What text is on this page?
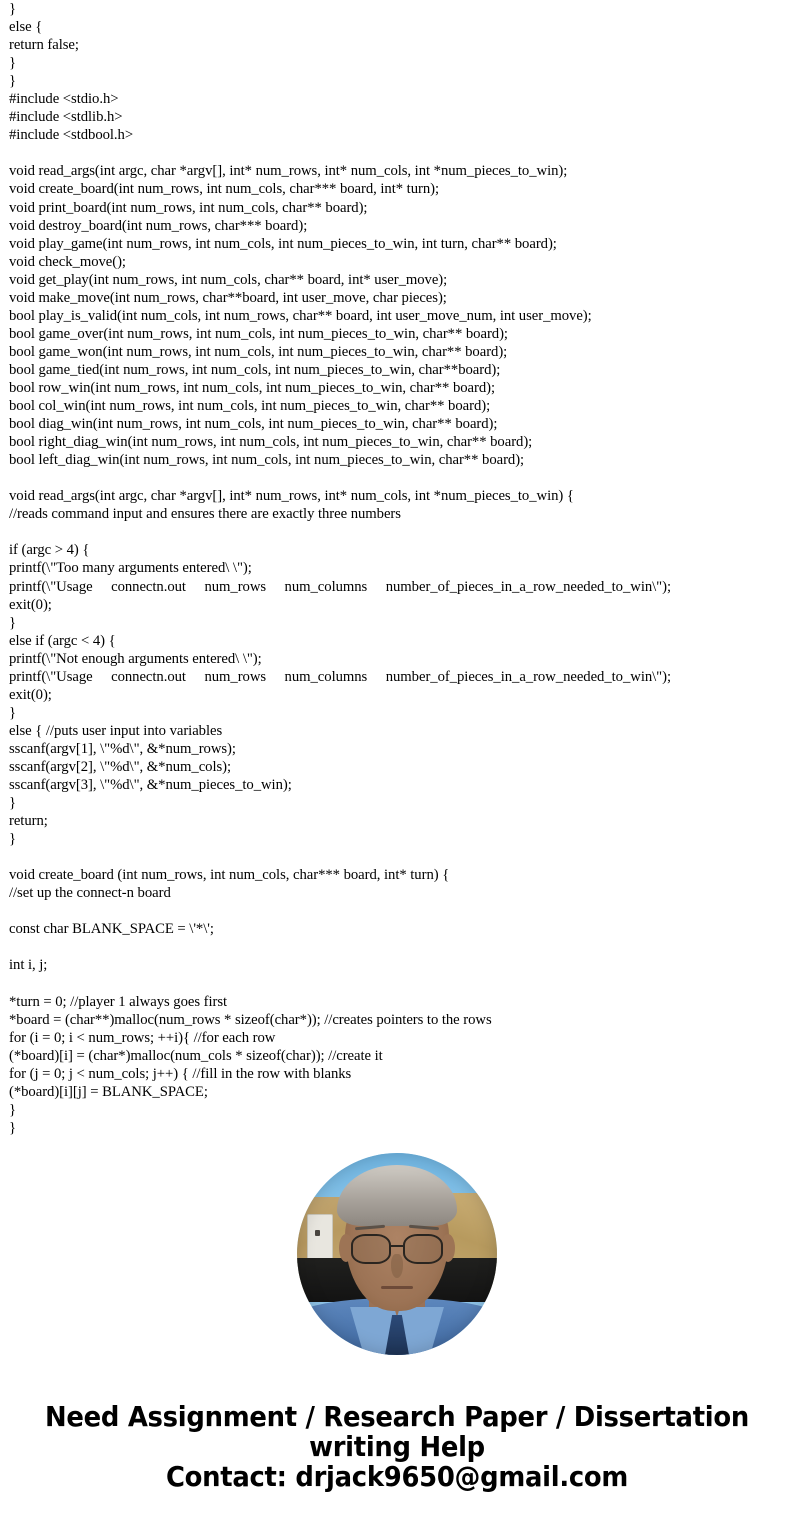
}
else {
return false;
}
}
#include <stdio.h>
#include <stdlib.h>
#include <stdbool.h>
void read_args(int argc, char *argv[], int* num_rows, int* num_cols, int *num_pieces_to_win);
void create_board(int num_rows, int num_cols, char*** board, int* turn);
void print_board(int num_rows, int num_cols, char** board);
void destroy_board(int num_rows, char*** board);
void play_game(int num_rows, int num_cols, int num_pieces_to_win, int turn, char** board);
void check_move();
void get_play(int num_rows, int num_cols, char** board, int* user_move);
void make_move(int num_rows, char**board, int user_move, char pieces);
bool play_is_valid(int num_cols, int num_rows, char** board, int user_move_num, int user_move);
bool game_over(int num_rows, int num_cols, int num_pieces_to_win, char** board);
bool game_won(int num_rows, int num_cols, int num_pieces_to_win, char** board);
bool game_tied(int num_rows, int num_cols, int num_pieces_to_win, char**board);
bool row_win(int num_rows, int num_cols, int num_pieces_to_win, char** board);
bool col_win(int num_rows, int num_cols, int num_pieces_to_win, char** board);
bool diag_win(int num_rows, int num_cols, int num_pieces_to_win, char** board);
bool right_diag_win(int num_rows, int num_cols, int num_pieces_to_win, char** board);
bool left_diag_win(int num_rows, int num_cols, int num_pieces_to_win, char** board);
void read_args(int argc, char *argv[], int* num_rows, int* num_cols, int *num_pieces_to_win) {
//reads command input and ensures there are exactly three numbers
if (argc > 4) {
printf(\"Too many arguments entered\ \");
printf(\"Usage connectn.out num_rows num_columns number_of_pieces_in_a_row_needed_to_win\");
exit(0);
}
else if (argc < 4) {
printf(\"Not enough arguments entered\ \");
printf(\"Usage connectn.out num_rows num_columns number_of_pieces_in_a_row_needed_to_win\");
exit(0);
}
else { //puts user input into variables
sscanf(argv[1], \"%d\", &*num_rows);
sscanf(argv[2], \"%d\", &*num_cols);
sscanf(argv[3], \"%d\", &*num_pieces_to_win);
}
return;
}
void create_board (int num_rows, int num_cols, char*** board, int* turn) {
//set up the connect-n board
const char BLANK_SPACE = \'*\';
int i, j;
*turn = 0; //player 1 always goes first
*board = (char**)malloc(num_rows * sizeof(char*)); //creates pointers to the rows
for (i = 0; i < num_rows; ++i){ //for each row
(*board)[i] = (char*)malloc(num_cols * sizeof(char)); //create it
for (j = 0; j < num_cols; j++) { //fill in the row with blanks
(*board)[i][j] = BLANK_SPACE;
}
}
Need Assignment / Research Paper / Dissertation
writing Help
Contact: drjack9650@gmail.com
